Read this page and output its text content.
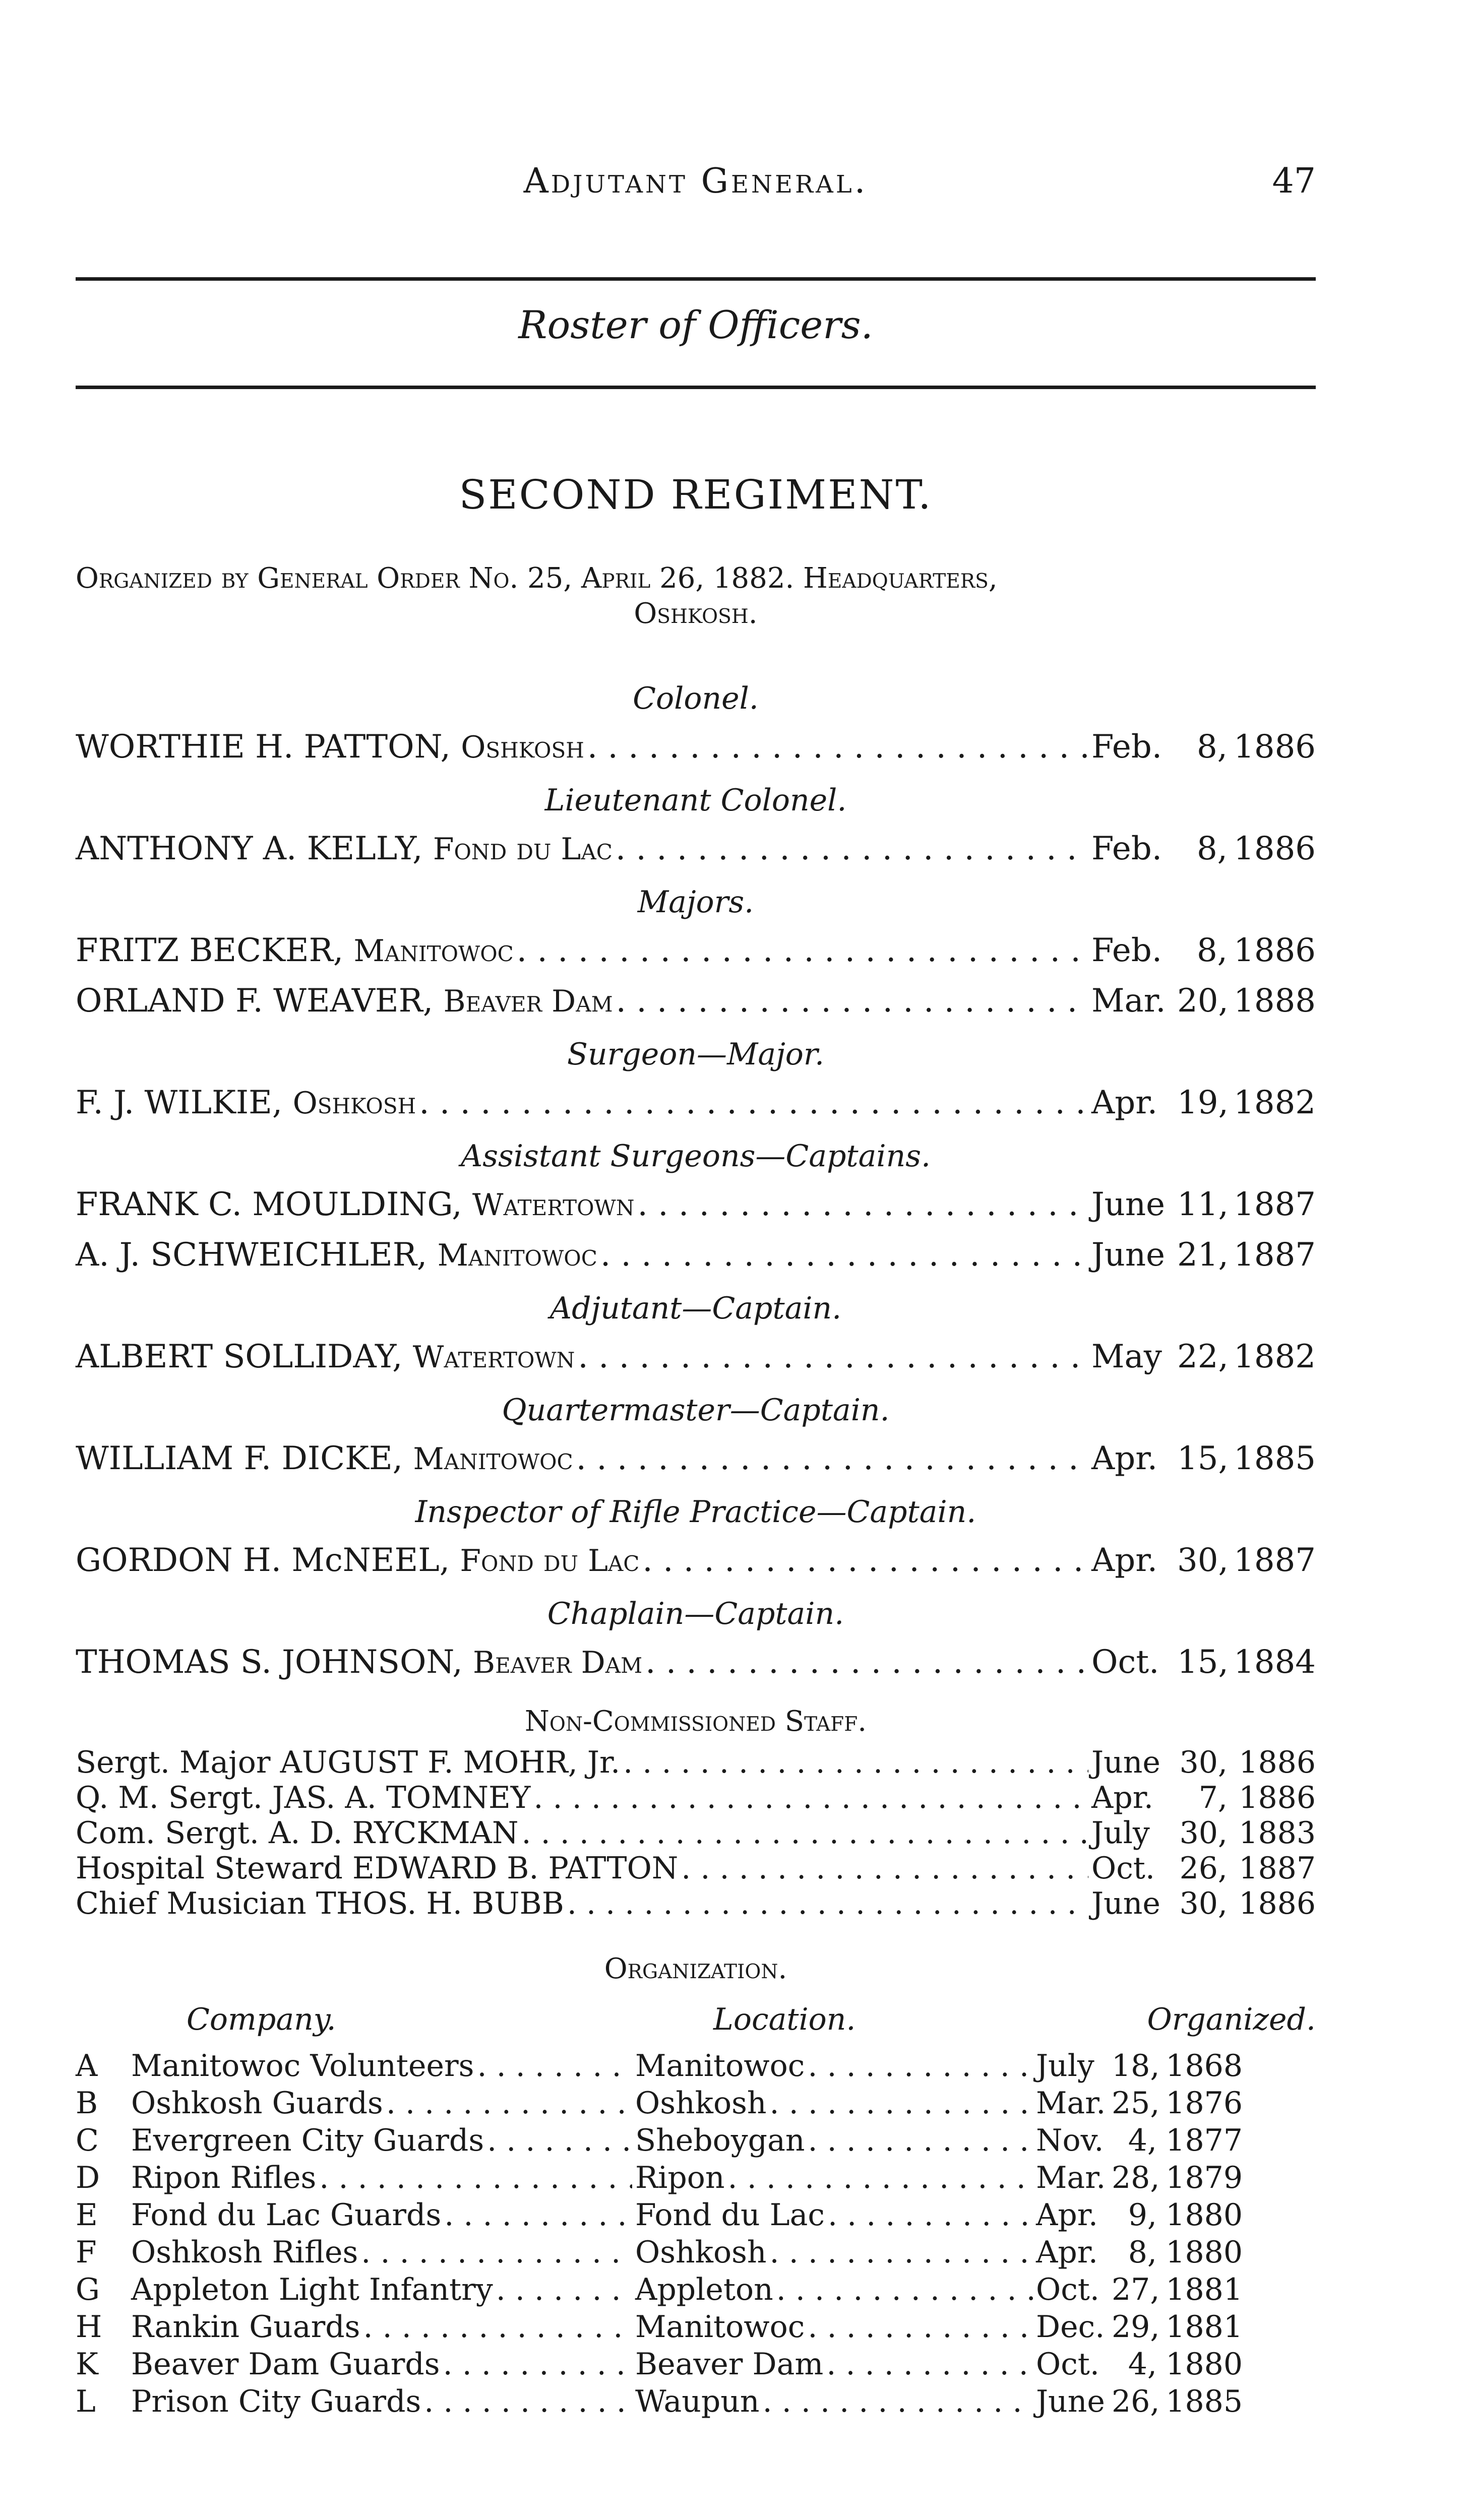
Adjutant General.	47
Roster of Officers.
SECOND REGIMENT.
Organized by General Order No. 25, April 26, 1882. Headquarters,
Oshkosh.
Colonel.
WORTHIE H. PATTON, Oshkosh . . .	Feb.	8, 1886
Lieutenant Colonel.
ANTHONY A. KELLY, Fond du Lac . . .	Feb.	8, 1886
Majors.
FRITZ BECKER, Manitowoc . . .	Feb.	8, 1886
ORLAND F. WEAVER, Beaver Dam . . .	Mar. 20, 1888
Surgeon—Major.
F. J. WILKIE, Oshkosh . . .	Apr. 19, 1882
Assistant Surgeons—Captains.
FRANK C. MOULDING, Watertown . . .	June 11, 1887
A. J. SCHWEICHLER, Manitowoc . . .	June 21, 1887
Adjutant—Captain.
ALBERT SOLLIDAY, Watertown . . .	May 22, 1882
Quartermaster—Captain.
WILLIAM F. DICKE, Manitowoc . . .	Apr. 15, 1885
Inspector of Rifle Practice—Captain.
GORDON H. McNEEL, Fond du Lac . . .	Apr. 30, 1887
Chaplain—Captain.
THOMAS S. JOHNSON, Beaver Dam . . .	Oct. 15, 1884
Non-Commissioned Staff.
Sergt. Major AUGUST F. MOHR, Jr. . . .	June 30, 1886
Q. M. Sergt. JAS. A. TOMNEY . . .	Apr.	7, 1886
Com. Sergt. A. D. RYCKMAN . . .	July 30, 1883
Hospital Steward EDWARD B. PATTON . . .	Oct. 26, 1887
Chief Musician THOS. H. BUBB . . .	June 30, 1886
Organization.
Company.	Location.	Organized.
A	Manitowoc Volunteers . . .	Manitowoc . . .	July 18, 1868
B	Oshkosh Guards . . .	Oshkosh . . .	Mar. 25, 1876
C	Evergreen City Guards . . .	Sheboygan . . .	Nov. 4, 1877
D	Ripon Rifles . . .	Ripon . . .	Mar. 28, 1879
E	Fond du Lac Guards . . .	Fond du Lac . . .	Apr. 9, 1880
F	Oshkosh Rifles . . .	Oshkosh . . .	Apr. 8, 1880
G	Appleton Light Infantry . . .	Appleton . . .	Oct. 27, 1881
H Rankin Guards . . .	Manitowoc . . .	Dec. 29, 1881
K	Beaver Dam Guards . . .	Beaver Dam . . .	Oct. 4, 1880
L	Prison City Guards . . .	Waupun . . .	June 26, 1885
